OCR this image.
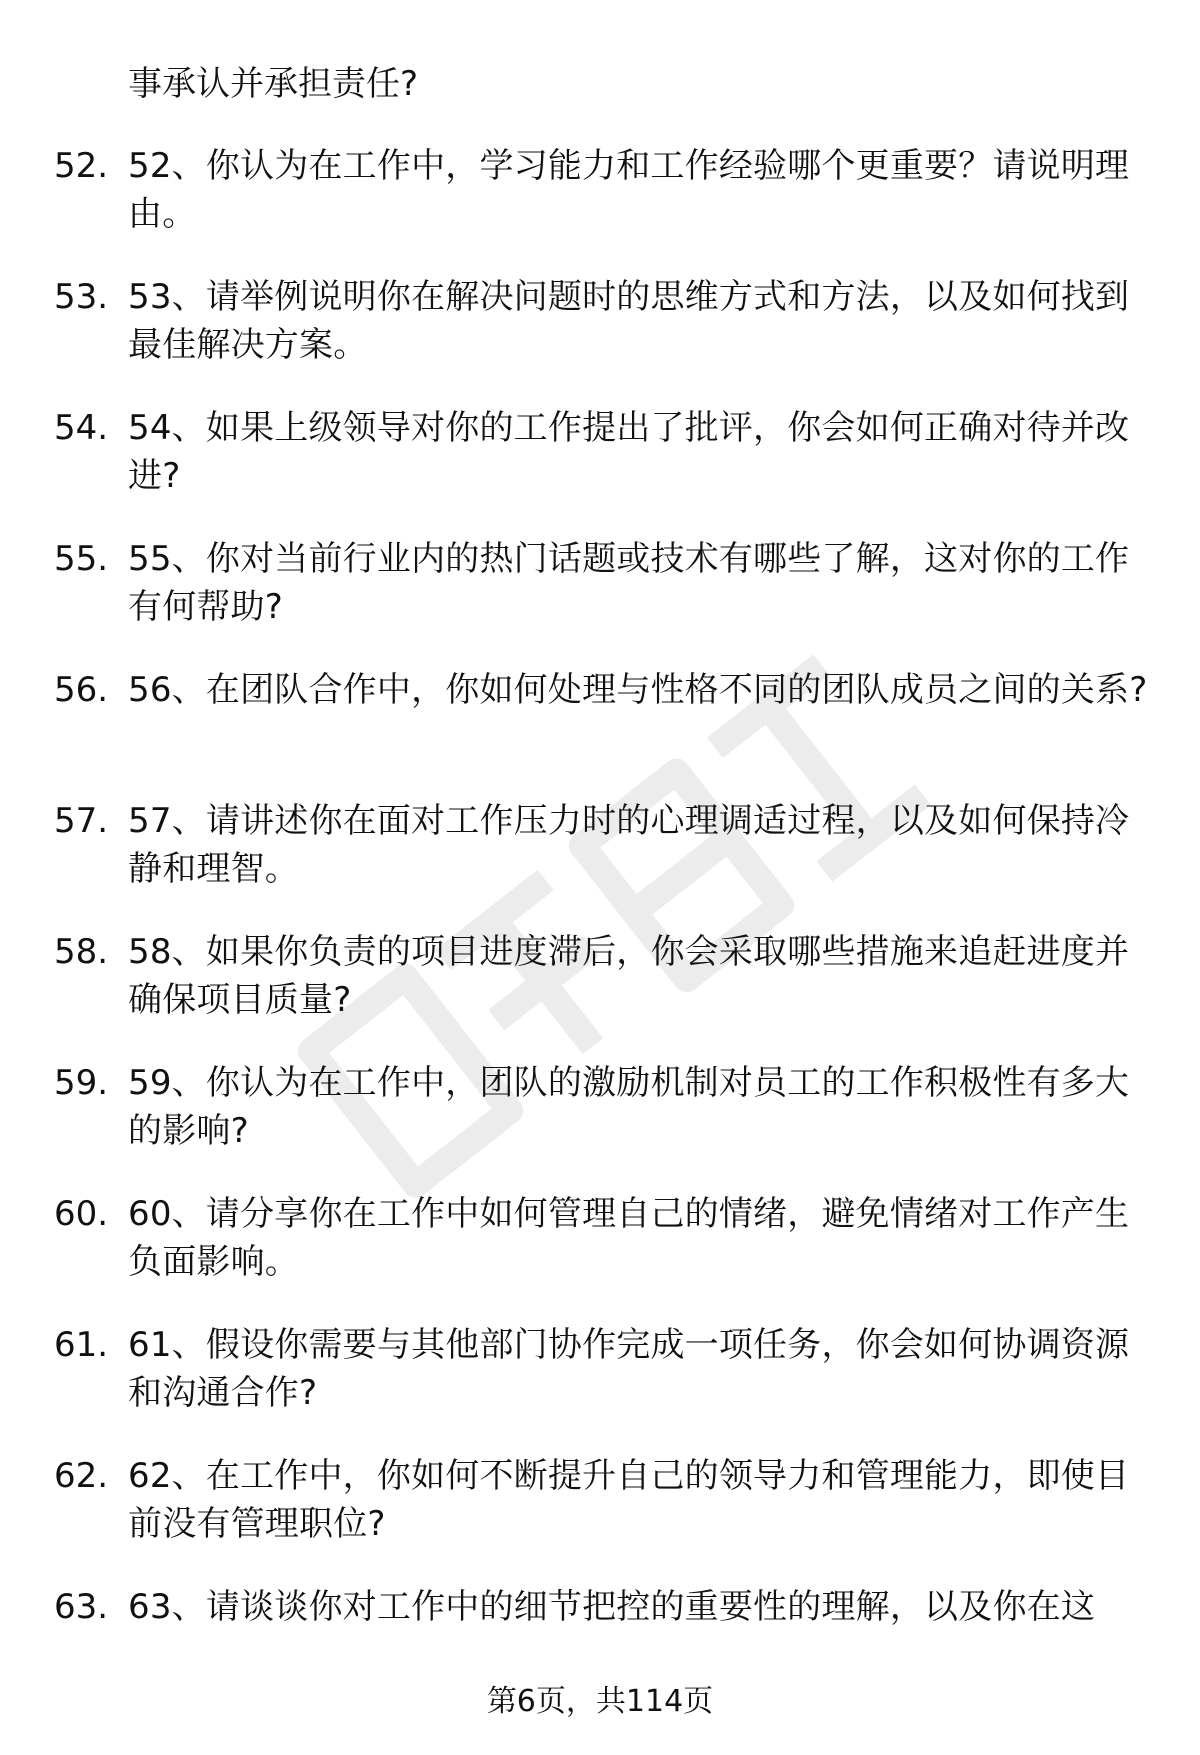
事承认并承担责任?
52. 52、你认为在工作中，学习能力和工作经验哪个更重要？请说明理由。
53. 53、请举例说明你在解决问题时的思维方式和方法，以及如何找到最佳解决方案。
54. 54、如果上级领导对你的工作提出了批评，你会如何正确对待并改进?
55. 55、你对当前行业内的热门话题或技术有哪些了解，这对你的工作有何帮助?
56. 56、在团队合作中，你如何处理与性格不同的团队成员之间的关系?
57. 57、请讲述你在面对工作压力时的心理调适过程，以及如何保持冷静和理智。
58. 58、如果你负责的项目进度滞后，你会采取哪些措施来追赶进度并确保项目质量?
59. 59、你认为在工作中，团队的激励机制对员工的工作积极性有多大的影响?
60. 60、请分享你在工作中如何管理自己的情绪，避免情绪对工作产生负面影响。
61. 61、假设你需要与其他部门协作完成一项任务，你会如何协调资源和沟通合作?
62. 62、在工作中，你如何不断提升自己的领导力和管理能力，即使目前没有管理职位?
63. 63、请谈谈你对工作中的细节把控的重要性的理解，以及你在这
第6页，共114页
